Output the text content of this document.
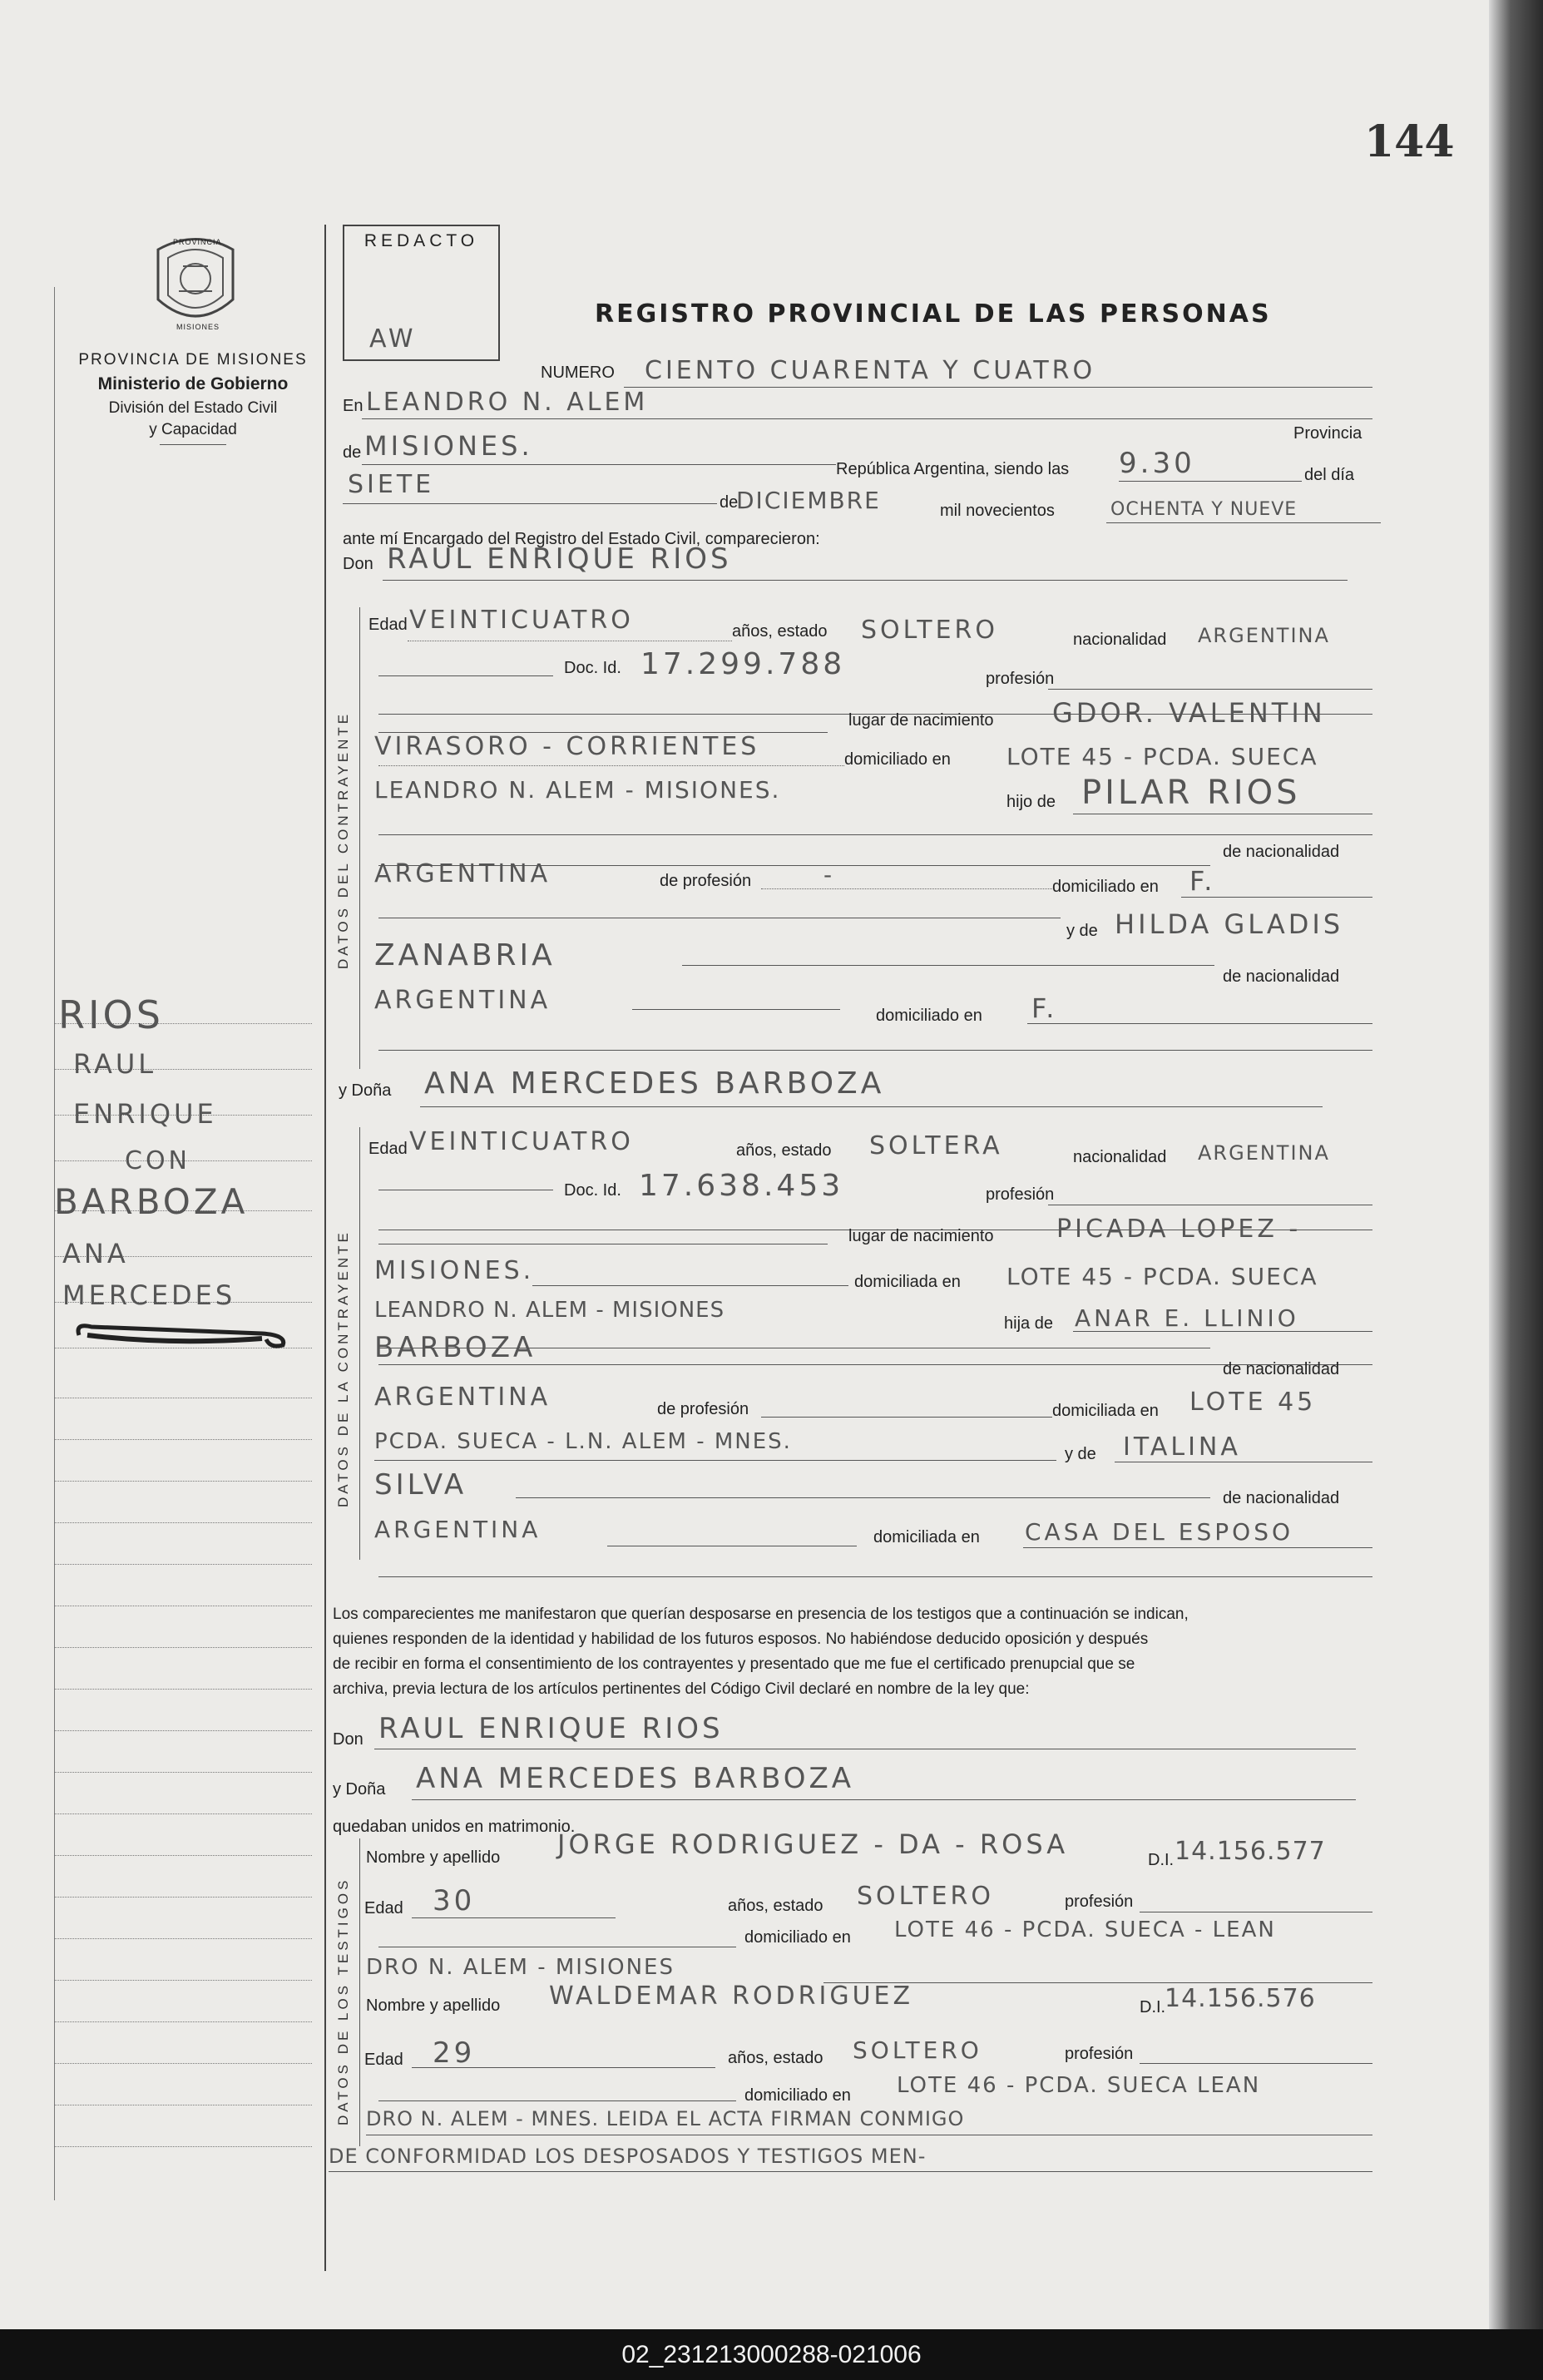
144
REDACTO
AW
PROVINCIA
MISIONES
PROVINCIA DE MISIONES
Ministerio de Gobierno
División del Estado Civil
y Capacidad
REGISTRO PROVINCIAL DE LAS PERSONAS
RIOS
RAUL
ENRIQUE
CON
BARBOZA
ANA
MERCEDES
NUMERO CIENTO CUARENTA Y CUATRO
En LEANDRO N. ALEM
Provincia
de MISIONES.
República Argentina, siendo las 9.30	del día
SIETE
de
DICIEMBRE	mil novecientos	OCHENTA Y NUEVE
ante mí Encargado del Registro del Estado Civil, comparecieron:
Don RAUL ENRIQUE RIOS
DATOS DEL CONTRAYENTE
Edad VEINTICUATRO	años, estado SOLTERO	nacionalidad ARGENTINA
Doc. Id. 17.299.788	profesión
lugar de nacimiento GDOR. VALENTIN
VIRASORO - CORRIENTES	domiciliado en LOTE 45 - PCDA. SUECA
LEANDRO N. ALEM - MISIONES.	hijo de PILAR RIOS
de nacionalidad
ARGENTINA	de profesión	-	domiciliado en F.
y de HILDA GLADIS
ZANABRIA
de nacionalidad
ARGENTINA
domiciliado en F.
y Doña ANA MERCEDES BARBOZA
DATOS DE LA CONTRAYENTE
Edad VEINTICUATRO	años, estado SOLTERA	nacionalidad ARGENTINA
Doc. Id. 17.638.453	profesión
lugar de nacimiento	PICADA LOPEZ -
MISIONES.	domiciliada en LOTE 45 - PCDA. SUECA
LEANDRO N. ALEM - MISIONES
hija de ANAR E. LLINIO
BARBOZA
de nacionalidad
ARGENTINA	de profesión	domiciliada en LOTE 45
PCDA. SUECA - L.N. ALEM - MNES.	y de ITALINA
SILVA	de nacionalidad
ARGENTINA	domiciliada en CASA DEL ESPOSO
Los comparecientes me manifestaron que querían desposarse en presencia de los testigos que a continuación se indican,
quienes responden de la identidad y habilidad de los futuros esposos. No habiéndose deducido oposición y después
de recibir en forma el consentimiento de los contrayentes y presentado que me fue el certificado prenupcial que se
archiva, previa lectura de los artículos pertinentes del Código Civil declaré en nombre de la ley que:
Don RAUL ENRIQUE RIOS
y Doña ANA MERCEDES BARBOZA
quedaban unidos en matrimonio.
DATOS DE LOS TESTIGOS
Nombre y apellido JORGE RODRIGUEZ - DA - ROSA	D.I. 14.156.577
Edad 30	años, estado SOLTERO	profesión
domiciliado en LOTE 46 - PCDA. SUECA - LEAN
DRO N. ALEM - MISIONES
Nombre y apellido WALDEMAR RODRIGUEZ	D.I.
14.156.576
Edad 29	años, estado SOLTERO	profesión
domiciliado en LOTE 46 - PCDA. SUECA LEAN
DRO N. ALEM - MNES. LEIDA EL ACTA FIRMAN CONMIGO
DE CONFORMIDAD LOS DESPOSADOS Y TESTIGOS MEN-
02_231213000288-021006
